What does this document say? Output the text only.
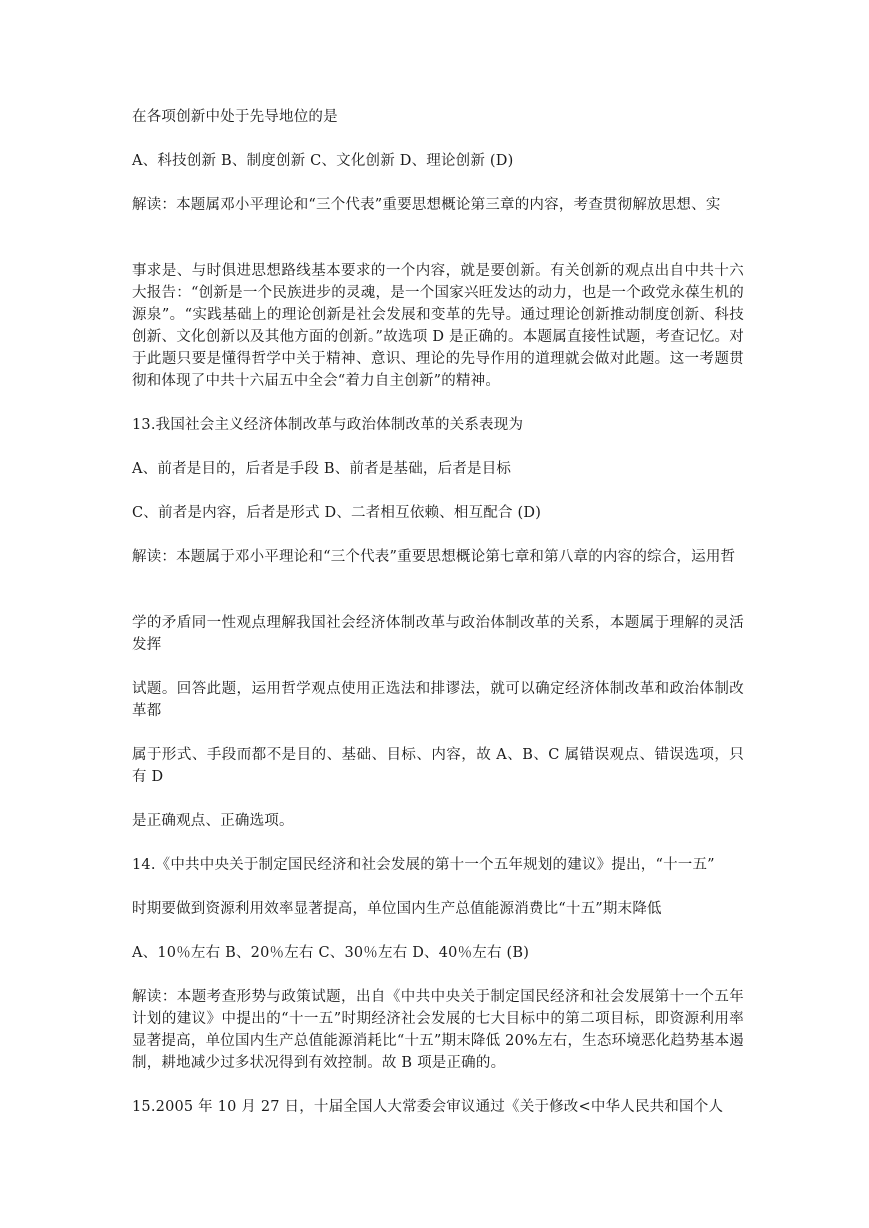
在各项创新中处于先导地位的是

A、科技创新 B、制度创新 C、文化创新 D、理论创新 (D)

解读：本题属邓小平理论和“三个代表”重要思想概论第三章的内容，考查贯彻解放思想、实

事求是、与时俱进思想路线基本要求的一个内容，就是要创新。有关创新的观点出自中共十六大报告：“创新是一个民族进步的灵魂，是一个国家兴旺发达的动力，也是一个政党永葆生机的源泉”。“实践基础上的理论创新是社会发展和变革的先导。通过理论创新推动制度创新、科技创新、文化创新以及其他方面的创新。”故选项 D 是正确的。本题属直接性试题，考查记忆。对于此题只要是懂得哲学中关于精神、意识、理论的先导作用的道理就会做对此题。这一考题贯彻和体现了中共十六届五中全会“着力自主创新”的精神。

13.我国社会主义经济体制改革与政治体制改革的关系表现为

A、前者是目的，后者是手段 B、前者是基础，后者是目标

C、前者是内容，后者是形式 D、二者相互依赖、相互配合 (D)

解读：本题属于邓小平理论和“三个代表”重要思想概论第七章和第八章的内容的综合，运用哲

学的矛盾同一性观点理解我国社会经济体制改革与政治体制改革的关系，本题属于理解的灵活发挥

试题。回答此题，运用哲学观点使用正选法和排谬法，就可以确定经济体制改革和政治体制改革都

属于形式、手段而都不是目的、基础、目标、内容，故 A、B、C 属错误观点、错误选项，只有 D

是正确观点、正确选项。

14.《中共中央关于制定国民经济和社会发展的第十一个五年规划的建议》提出，“十一五”

时期要做到资源利用效率显著提高，单位国内生产总值能源消费比“十五”期末降低

A、10％左右 B、20％左右 C、30％左右 D、40％左右 (B)

解读：本题考查形势与政策试题，出自《中共中央关于制定国民经济和社会发展第十一个五年计划的建议》中提出的“十一五”时期经济社会发展的七大目标中的第二项目标，即资源利用率显著提高，单位国内生产总值能源消耗比“十五”期末降低 20%左右，生态环境恶化趋势基本遏制，耕地减少过多状况得到有效控制。故 B 项是正确的。

15.2005 年 10 月 27 日，十届全国人大常委会审议通过《关于修改<中华人民共和国个人
